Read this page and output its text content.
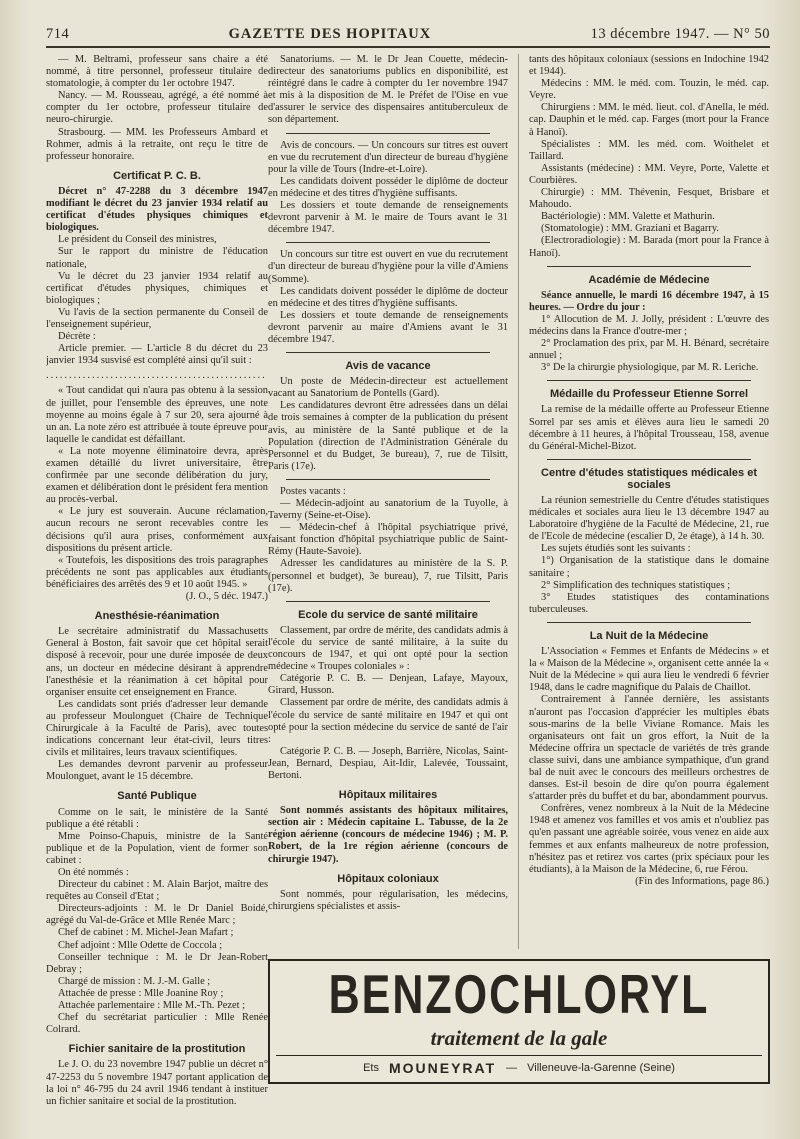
714	GAZETTE DES HOPITAUX	13 décembre 1947. — N° 50

— M. Beltrami, professeur sans chaire a été nommé, à titre personnel, professeur titulaire de stomatologie, à compter du 1er octobre 1947.

Nancy. — M. Rousseau, agrégé, a été nommé à compter du 1er octobre, professeur titulaire de neuro-chirurgie.

Strasbourg. — MM. les Professeurs Ambard et Rohmer, admis à la retraite, ont reçu le titre de professeur honoraire.

Certificat P. C. B.

Décret n° 47-2288 du 3 décembre 1947 modifiant le décret du 23 janvier 1934 relatif au certificat d'études physiques chimiques et biologiques.

Le président du Conseil des ministres,

Sur le rapport du ministre de l'éducation nationale,

Vu le décret du 23 janvier 1934 relatif au certificat d'études physiques, chimiques et biologiques ;

Vu l'avis de la section permanente du Conseil de l'enseignement supérieur,

Décrète :

Article premier. — L'article 8 du décret du 23 janvier 1934 susvisé est complété ainsi qu'il suit :

................................................

« Tout candidat qui n'aura pas obtenu à la session de juillet, pour l'ensemble des épreuves, une note moyenne au moins égale à 7 sur 20, sera ajourné à un an. La note zéro est attribuée à toute épreuve pour laquelle le candidat est défaillant.

« La note moyenne éliminatoire devra, après examen détaillé du livret universitaire, être confirmée par une seconde délibération du jury, examen et délibération dont le président fera mention au procès-verbal.

« Le jury est souverain. Aucune réclamation, aucun recours ne seront recevables contre les décisions qu'il aura prises, conformément aux dispositions du présent article.

« Toutefois, les dispositions des trois paragraphes précédents ne sont pas applicables aux étudiants bénéficiaires des arrêtés des 9 et 10 août 1945. »

(J. O., 5 déc. 1947.)

Anesthésie-réanimation

Le secrétaire administratif du Massachusetts General à Boston, fait savoir que cet hôpital serait disposé à recevoir, pour une durée imposée de deux ans, un docteur en médecine désirant à apprendre l'anesthésie et la réanimation à cet hôpital pour organiser ensuite cet enseignement en France.

Les candidats sont priés d'adresser leur demande au professeur Moulonguet (Chaire de Technique Chirurgicale à la Faculté de Paris), avec toutes indications concernant leur état-civil, leurs titres civils et militaires, leurs travaux scientifiques.

Les demandes devront parvenir au professeur Moulonguet, avant le 15 décembre.

Santé Publique

Comme on le sait, le ministère de la Santé publique a été rétabli :

Mme Poinso-Chapuis, ministre de la Santé publique et de la Population, vient de former son cabinet :

On été nommés :

Directeur du cabinet : M. Alain Barjot, maître des requêtes au Conseil d'Etat ;

Directeurs-adjoints : M. le Dr Daniel Boidé, agrégé du Val-de-Grâce et Mlle Renée Marc ;

Chef de cabinet : M. Michel-Jean Mafart ;

Chef adjoint : Mlle Odette de Coccola ;

Conseiller technique : M. le Dr Jean-Robert Debray ;

Chargé de mission : M. J.-M. Galle ;

Attachée de presse : Mlle Joanine Roy ;

Attachée parlementaire : Mlle M.-Th. Pezet ;

Chef du secrétariat particulier : Mlle Renée Colrard.

Fichier sanitaire de la prostitution

Le J. O. du 23 novembre 1947 publie un décret n° 47-2253 du 5 novembre 1947 portant application de la loi n° 46-795 du 24 avril 1946 tendant à instituer un fichier sanitaire et social de la prostitution.

Sanatoriums. — M. le Dr Jean Couette, médecin-directeur des sanatoriums publics en disponibilité, est réintégré dans le cadre à compter du 1er novembre 1947 et mis à la disposition de M. le Préfet de l'Oise en vue d'assurer le service des dispensaires antituberculeux de son département.

Avis de concours. — Un concours sur titres est ouvert en vue du recrutement d'un directeur de bureau d'hygiène pour la ville de Tours (Indre-et-Loire).

Les candidats doivent posséder le diplôme de docteur en médecine et des titres d'hygiène suffisants.

Les dossiers et toute demande de renseignements devront parvenir à M. le maire de Tours avant le 31 décembre 1947.

Un concours sur titre est ouvert en vue du recrutement d'un directeur de bureau d'hygiène pour la ville d'Amiens (Somme).

Les candidats doivent posséder le diplôme de docteur en médecine et des titres d'hygiène suffisants.

Les dossiers et toute demande de renseignements devront parvenir au maire d'Amiens avant le 31 décembre 1947.

Avis de vacance

Un poste de Médecin-directeur est actuellement vacant au Sanatorium de Pontells (Gard).

Les candidatures devront être adressées dans un délai de trois semaines à compter de la publication du présent avis, au ministère de la Santé publique et de la Population (direction de l'Administration Générale du Personnel et du Budget, 3e bureau), 7, rue de Tilsitt, Paris (17e).

Postes vacants :

— Médecin-adjoint au sanatorium de la Tuyolle, à Taverny (Seine-et-Oise).

— Médecin-chef à l'hôpital psychiatrique privé, faisant fonction d'hôpital psychiatrique public de Saint-Rémy (Haute-Savoie).

Adresser les candidatures au ministère de la S. P. (personnel et budget), 3e bureau), 7, rue Tilsitt, Paris (17e).

Ecole du service de santé militaire

Classement, par ordre de mérite, des candidats admis à l'école du service de santé militaire, à la suite du concours de 1947, et qui ont opté pour la section médecine « Troupes coloniales » :

Catégorie P. C. B. — Denjean, Lafaye, Mayoux, Girard, Husson.

Classement par ordre de mérite, des candidats admis à l'école du service de santé militaire en 1947 et qui ont opté pour la section médecine du service de santé de l'air :

Catégorie P. C. B. — Joseph, Barrière, Nicolas, Saint-Jean, Bernard, Despiau, Ait-Idir, Lalevée, Toussaint, Bertoni.

Hôpitaux militaires

Sont nommés assistants des hôpitaux militaires, section air : Médecin capitaine L. Tabusse, de la 2e région aérienne (concours de médecine 1946) ; M. P. Robert, de la 1re région aérienne (concours de chirurgie 1947).

Hôpitaux coloniaux

Sont nommés, pour régularisation, les médecins, chirurgiens spécialistes et assis-

tants des hôpitaux coloniaux (sessions en Indochine 1942 et 1944).

Médecins : MM. le méd. com. Touzin, le méd. cap. Veyre.

Chirurgiens : MM. le méd. lieut. col. d'Anella, le méd. cap. Dauphin et le méd. cap. Farges (mort pour la France à Hanoï).

Spécialistes : MM. les méd. com. Woithelet et Taillard.

Assistants (médecine) : MM. Veyre, Porte, Valette et Courbières.

Chirurgie) : MM. Thévenin, Fesquet, Brisbare et Mahoudo.

Bactériologie) : MM. Valette et Mathurin.

(Stomatologie) : MM. Graziani et Bagarry.

(Electroradiologie) : M. Barada (mort pour la France à Hanoï).

Académie de Médecine

Séance annuelle, le mardi 16 décembre 1947, à 15 heures. — Ordre du jour :

1° Allocution de M. J. Jolly, président : L'œuvre des médecins dans la France d'outre-mer ;

2° Proclamation des prix, par M. H. Bénard, secrétaire annuel ;

3° De la chirurgie physiologique, par M. R. Leriche.

Médaille du Professeur Etienne Sorrel

La remise de la médaille offerte au Professeur Etienne Sorrel par ses amis et élèves aura lieu le samedi 20 décembre à 11 heures, à l'hôpital Trousseau, 158, avenue du Général-Michel-Bizot.

Centre d'études statistiques médicales et sociales

La réunion semestrielle du Centre d'études statistiques médicales et sociales aura lieu le 13 décembre 1947 au Laboratoire d'hygiène de la Faculté de Médecine, 21, rue de l'Ecole de médecine (escalier D, 2e étage), à 14 h. 30.

Les sujets étudiés sont les suivants :

1°) Organisation de la statistique dans le domaine sanitaire ;

2° Simplification des techniques statistiques ;

3° Etudes statistiques des contaminations tuberculeuses.

La Nuit de la Médecine

L'Association « Femmes et Enfants de Médecins » et la « Maison de la Médecine », organisent cette année la « Nuit de la Médecine » qui aura lieu le vendredi 6 février 1948, dans le cadre magnifique du Palais de Chaillot.

Contrairement à l'année dernière, les assistants n'auront pas l'occasion d'apprécier les multiples ébats sous-marins de la belle Viviane Romance. Mais les organisateurs ont fait un gros effort, la Nuit de la Médecine offrira un spectacle de variétés de très grande classe suivi, dans une ambiance sympathique, d'un grand bal de nuit avec le concours des meilleurs orchestres de danses. Est-il besoin de dire qu'on pourra également s'attarder près du buffet et du bar, abondamment pourvus.

Confrères, venez nombreux à la Nuit de la Médecine 1948 et amenez vos familles et vos amis et n'oubliez pas qu'en passant une agréable soirée, vous venez en aide aux femmes et aux enfants malheureux de notre profession, n'hésitez pas et retirez vos cartes (prix spéciaux pour les étudiants), à la Maison de la Médecine, 6, rue Férou.

(Fin des Informations, page 86.)

BENZOCHLORYL
traitement de la gale
Ets MOUNEYRAT — Villeneuve-la-Garenne (Seine)
